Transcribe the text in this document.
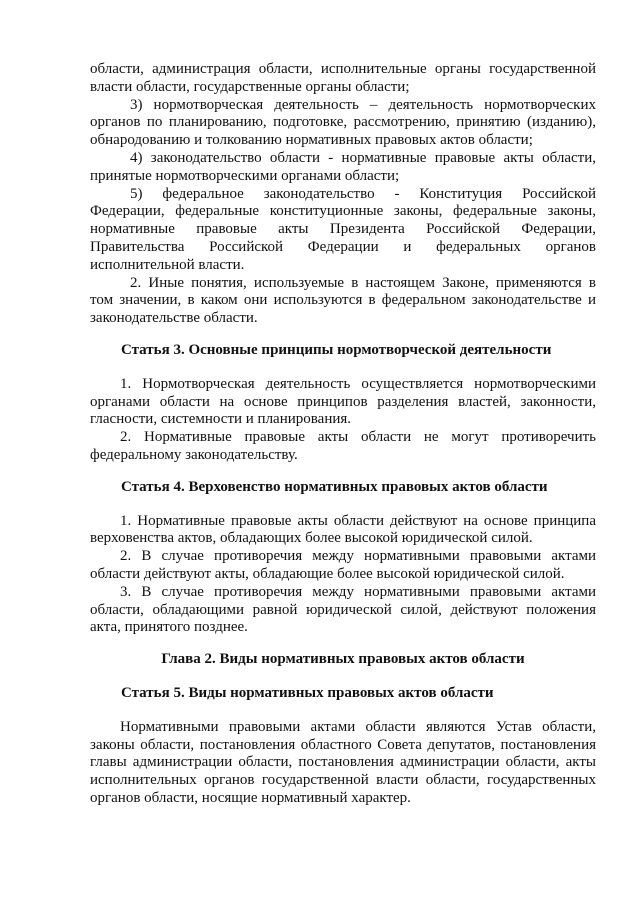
области, администрация области, исполнительные органы государственной
власти области, государственные органы области;
3) нормотворческая деятельность – деятельность нормотворческих
органов по планированию, подготовке, рассмотрению, принятию (изданию),
обнародованию и толкованию нормативных правовых актов области;
4) законодательство области - нормативные правовые акты области,
принятые нормотворческими органами области;
5) федеральное законодательство - Конституция Российской
Федерации, федеральные конституционные законы, федеральные законы,
нормативные правовые акты Президента Российской Федерации,
Правительства Российской Федерации и федеральных органов
исполнительной власти.
2. Иные понятия, используемые в настоящем Законе, применяются в
том значении, в каком они используются в федеральном законодательстве и
законодательстве области.
Статья 3. Основные принципы нормотворческой деятельности
1. Нормотворческая деятельность осуществляется нормотворческими
органами области на основе принципов разделения властей, законности,
гласности, системности и планирования.
2. Нормативные правовые акты области не могут противоречить
федеральному законодательству.
Статья 4. Верховенство нормативных правовых актов области
1. Нормативные правовые акты области действуют на основе принципа
верховенства актов, обладающих более высокой юридической силой.
2. В случае противоречия между нормативными правовыми актами
области действуют акты, обладающие более высокой юридической силой.
3. В случае противоречия между нормативными правовыми актами
области, обладающими равной юридической силой, действуют положения
акта, принятого позднее.
Глава 2. Виды нормативных правовых актов области
Статья 5. Виды нормативных правовых актов области
Нормативными правовыми актами области являются Устав области,
законы области, постановления областного Совета депутатов, постановления
главы администрации области, постановления администрации области, акты
исполнительных органов государственной власти области, государственных
органов области, носящие нормативный характер.
